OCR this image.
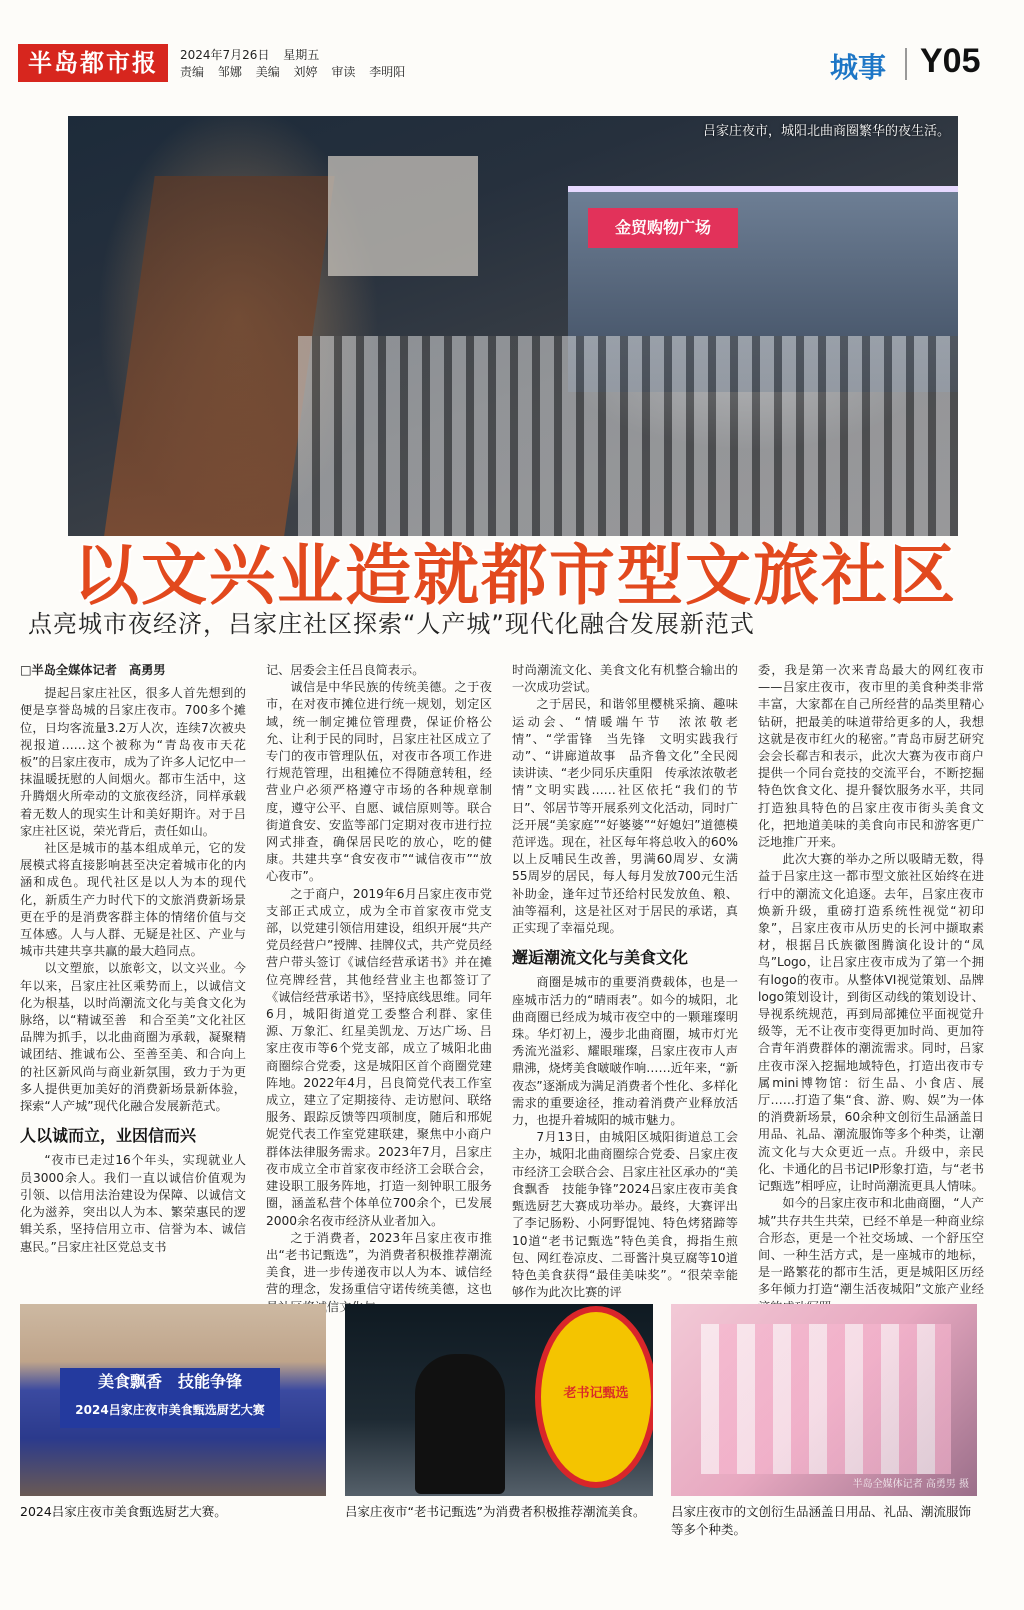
半岛都市报	2024年7月26日 星期五
责编 邹娜 美编 刘婷 审读 李明阳	城事 Y05
金贸购物广场
吕家庄夜市，城阳北曲商圈繁华的夜生活。
以文兴业造就都市型文旅社区
点亮城市夜经济，吕家庄社区探索“人产城”现代化融合发展新范式

□半岛全媒体记者　高勇男

提起吕家庄社区，很多人首先想到的便是享誉岛城的吕家庄夜市。700多个摊位，日均客流量3.2万人次，连续7次被央视报道……这个被称为“青岛夜市天花板”的吕家庄夜市，成为了许多人记忆中一抹温暖抚慰的人间烟火。都市生活中，这升腾烟火所牵动的文旅夜经济，同样承载着无数人的现实生计和美好期许。对于吕家庄社区说，荣光背后，责任如山。

社区是城市的基本组成单元，它的发展模式将直接影响甚至决定着城市化的内涵和成色。现代社区是以人为本的现代化，新质生产力时代下的文旅消费新场景更在乎的是消费客群主体的情绪价值与交互体感。人与人群、无疑是社区、产业与城市共建共享共赢的最大趋同点。

以文塑旅，以旅彰文，以文兴业。今年以来，吕家庄社区乘势而上，以诚信文化为根基，以时尚潮流文化与美食文化为脉络，以“精诚至善　和合至美”文化社区品牌为抓手，以北曲商圈为承载，凝聚精诚团结、推诚布公、至善至美、和合向上的社区新风尚与商业新氛围，致力于为更多人提供更加美好的消费新场景新体验，探索“人产城”现代化融合发展新范式。

人以诚而立，业因信而兴

“夜市已走过16个年头，实现就业人员3000余人。我们一直以诚信价值观为引领、以信用法治建设为保障、以诚信文化为滋养，突出以人为本、繁荣惠民的逻辑关系，坚持信用立市、信誉为本、诚信惠民。”吕家庄社区党总支书

记、居委会主任吕良简表示。

诚信是中华民族的传统美德。之于夜市，在对夜市摊位进行统一规划，划定区域，统一制定摊位管理费，保证价格公允、让利于民的同时，吕家庄社区成立了专门的夜市管理队伍，对夜市各项工作进行规范管理，出租摊位不得随意转租，经营业户必须严格遵守市场的各种规章制度，遵守公平、自愿、诚信原则等。联合街道食安、安监等部门定期对夜市进行拉网式排查，确保居民吃的放心，吃的健康。共建共享“食安夜市”“诚信夜市”“放心夜市”。

之于商户，2019年6月吕家庄夜市党支部正式成立，成为全市首家夜市党支部，以党建引领信用建设，组织开展“共产党员经营户”授牌、挂牌仪式，共产党员经营户带头签订《诚信经营承诺书》并在摊位亮牌经营，其他经营业主也都签订了《诚信经营承诺书》，坚持底线思维。同年6月，城阳街道党工委整合利群、家佳源、万象汇、红星美凯龙、万达广场、吕家庄夜市等6个党支部，成立了城阳北曲商圈综合党委，这是城阳区首个商圈党建阵地。2022年4月，吕良简党代表工作室成立，建立了定期接待、走访慰问、联络服务、跟踪反馈等四项制度，随后和邢妮妮党代表工作室党建联建，聚焦中小商户群体法律服务需求。2023年7月，吕家庄夜市成立全市首家夜市经济工会联合会，建设职工服务阵地，打造一刻钟职工服务圈，涵盖私营个体单位700余个，已发展2000余名夜市经济从业者加入。

之于消费者，2023年吕家庄夜市推出“老书记甄选”，为消费者积极推荐潮流美食，进一步传递夜市以人为本、诚信经营的理念，发扬重信守诺传统美德，这也 将诚信文化与

时尚潮流文化、美食文化有机整合输出的一次成功尝试。

之于居民，和谐邻里樱桃采摘、趣味运动会、“情暖端午节　浓浓敬老情”、“学雷锋　当先锋　文明实践我行动”、“讲廊道故事　品齐鲁文化”全民阅读讲读、“老少同乐庆重阳　传承浓浓敬老情”文明实践……社区依托“我们的节日”、邻居节等开展系列文化活动，同时广泛开展“美家庭”“好婆婆”“好媳妇”道德模范评选。现在，社区每年将总收入的60%以上反哺民生改善，男满60周岁、女满55周岁的居民，每人每月发放700元生活补助金，逢年过节还给村民发放鱼、粮、油等福利，这是社区对于居民的承诺，真正实现了幸福兑现。

邂逅潮流文化与美食文化

商圈是城市的重要消费载体，也是一座城市活力的“晴雨表”。如今的城阳，北曲商圈已经成为城市夜空中的一颗璀璨明珠。华灯初上，漫步北曲商圈，城市灯光秀流光溢彩、耀眼璀璨，吕家庄夜市人声鼎沸，烧烤美食啵啵作响……近年来，“新夜态”逐渐成为满足消费者个性化、多样化需求的重要途径，推动着消费产业释放活力，也提升着城阳的城市魅力。

7月13日，由城阳区城阳街道总工会主办，城阳北曲商圈综合党委、吕家庄夜市经济工会联合会、吕家庄社区承办的“美食飘香　技能争锋”2024吕家庄夜市美食甄选厨艺大赛成功举办。最终，大赛评出了李记肠粉、小阿野馄饨、特色烤猪蹄等10道“老书记甄选”特色美食，拇指生煎包、网红卷凉皮、二哥酱汁臭豆腐等10道特色美食获得“最佳美味奖”。“很荣幸能够作为此次比赛的评

委，我是第一次来青岛最大的网红夜市——吕家庄夜市，夜市里的美食种类非常丰富，大家都在自己所经营的品类里精心钻研，把最美的味道带给更多的人，我想这就是夜市红火的秘密。”青岛市厨艺研究会会长郗吉和表示，此次大赛为夜市商户提供一个同台竞技的交流平台，不断挖掘特色饮食文化、提升餐饮服务水平，共同打造独具特色的吕家庄夜市街头美食文化，把地道美味的美食向市民和游客更广泛地推广开来。

此次大赛的举办之所以吸睛无数，得益于吕家庄这一都市型文旅社区始终在进行中的潮流文化追逐。去年，吕家庄夜市焕新升级，重磅打造系统性视觉“初印象”，吕家庄夜市从历史的长河中撷取素材，根据吕氏族徽图腾演化设计的“凤鸟”Logo，让吕家庄夜市成为了第一个拥有logo的夜市。从整体VI视觉策划、品牌logo策划设计，到街区动线的策划设计、导视系统规范，再到局部摊位平面视觉升级等，无不让夜市变得更加时尚、更加符合青年消费群体的潮流需求。同时，吕家庄夜市深入挖掘地域特色，打造出夜市专属mini博物馆：衍生品、小食店、展厅……打造了集“食、游、购、娱”为一体的消费新场景，60余种文创衍生品涵盖日用品、礼品、潮流服饰等多个种类，让潮流文化与大众更近一点。升级中，亲民化、卡通化的吕书记IP形象打造，与“老书记甄选”相呼应，让时尚潮流更具人情味。

如今的吕家庄夜市和北曲商圈，“人产城”共存共生共荣，已经不单是一种商业综合形态，更是一个社交场域、一个舒压空间、一种生活方式，是一座城市的地标，是一路繁花的都市生活，更是城阳区历经多年倾力打造“潮生活夜城阳”文旅产业经

美食飘香　技能争锋
2024吕家庄夜市美食甄选厨艺大赛
老书记甄选
半岛全媒体记者 高勇男 摄
2024吕家庄夜市美食甄选厨艺大赛。	吕家庄夜市“老书记甄选”为消费者积极推荐潮流美食。	吕家庄夜市的文创衍生品涵盖日用品、礼品、潮流服饰等多个种类。
